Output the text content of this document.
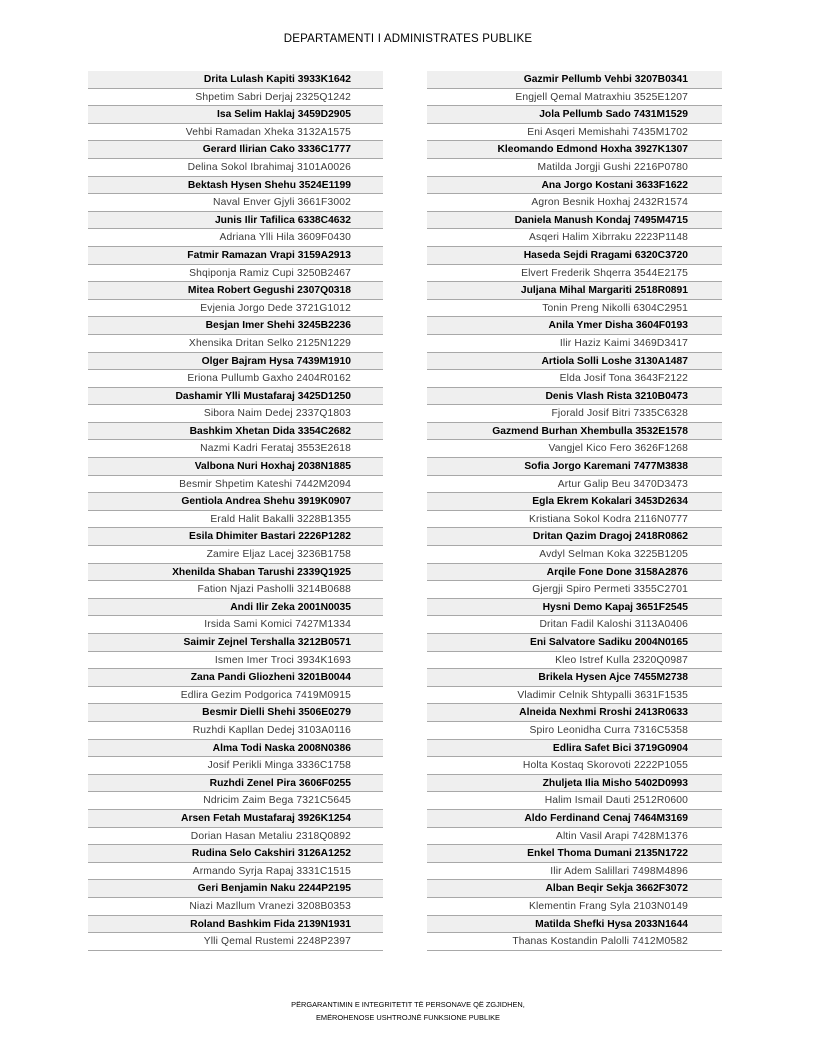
DEPARTAMENTI I ADMINISTRATES PUBLIKE
Drita Lulash Kapiti 3933K1642
Shpetim Sabri Derjaj 2325Q1242
Isa Selim Haklaj 3459D2905
Vehbi Ramadan Xheka 3132A1575
Gerard Ilirian Cako 3336C1777
Delina Sokol Ibrahimaj 3101A0026
Bektash Hysen Shehu 3524E1199
Naval Enver Gjyli 3661F3002
Junis Ilir Tafilica 6338C4632
Adriana Ylli Hila 3609F0430
Fatmir Ramazan Vrapi 3159A2913
Shqiponja Ramiz Cupi 3250B2467
Mitea Robert Gegushi 2307Q0318
Evjenia Jorgo Dede 3721G1012
Besjan Imer Shehi 3245B2236
Xhensika Dritan Selko 2125N1229
Olger Bajram Hysa 7439M1910
Eriona Pullumb Gaxho 2404R0162
Dashamir Ylli Mustafaraj 3425D1250
Sibora Naim Dedej 2337Q1803
Bashkim Xhetan Dida 3354C2682
Nazmi Kadri Ferataj 3553E2618
Valbona Nuri Hoxhaj 2038N1885
Besmir Shpetim Kateshi 7442M2094
Gentiola Andrea Shehu 3919K0907
Erald Halit Bakalli 3228B1355
Esila Dhimiter Bastari 2226P1282
Zamire Eljaz Lacej 3236B1758
Xhenilda Shaban Tarushi 2339Q1925
Fation Njazi Pasholli 3214B0688
Andi Ilir Zeka 2001N0035
Irsida Sami Komici 7427M1334
Saimir Zejnel Tershalla 3212B0571
Ismen Imer Troci 3934K1693
Zana Pandi Gliozheni 3201B0044
Edlira Gezim Podgorica 7419M0915
Besmir Dielli Shehi 3506E0279
Ruzhdi Kapllan Dedej 3103A0116
Alma Todi Naska 2008N0386
Josif Perikli Minga 3336C1758
Ruzhdi Zenel Pira 3606F0255
Ndricim Zaim Bega 7321C5645
Arsen Fetah Mustafaraj 3926K1254
Dorian Hasan Metaliu 2318Q0892
Rudina Selo Cakshiri 3126A1252
Armando Syrja Rapaj 3331C1515
Geri Benjamin Naku 2244P2195
Niazi Mazllum Vranezi 3208B0353
Roland Bashkim Fida 2139N1931
Ylli Qemal Rustemi 2248P2397
Gazmir Pellumb Vehbi 3207B0341
Engjell Qemal Matraxhiu 3525E1207
Jola Pellumb Sado 7431M1529
Eni Asqeri Memishahi 7435M1702
Kleomando Edmond Hoxha 3927K1307
Matilda Jorgji Gushi 2216P0780
Ana Jorgo Kostani 3633F1622
Agron Besnik Hoxhaj 2432R1574
Daniela Manush Kondaj 7495M4715
Asqeri Halim Xibrraku 2223P1148
Haseda Sejdi Rragami 6320C3720
Elvert Frederik Shqerra 3544E2175
Juljana Mihal Margariti 2518R0891
Tonin Preng Nikolli 6304C2951
Anila Ymer Disha 3604F0193
Ilir Haziz Kaimi 3469D3417
Artiola Solli Loshe 3130A1487
Elda Josif Tona 3643F2122
Denis Vlash Rista 3210B0473
Fjorald Josif Bitri 7335C6328
Gazmend Burhan Xhembulla 3532E1578
Vangjel Kico Fero 3626F1268
Sofia Jorgo Karemani 7477M3838
Artur Galip Beu 3470D3473
Egla Ekrem Kokalari 3453D2634
Kristiana Sokol Kodra 2116N0777
Dritan Qazim Dragoj 2418R0862
Avdyl Selman Koka 3225B1205
Arqile Fone Done 3158A2876
Gjergji Spiro Permeti 3355C2701
Hysni Demo Kapaj 3651F2545
Dritan Fadil Kaloshi 3113A0406
Eni Salvatore Sadiku 2004N0165
Kleo Istref Kulla 2320Q0987
Brikela Hysen Ajce 7455M2738
Vladimir Celnik Shtypalli 3631F1535
Alneida Nexhmi Rroshi 2413R0633
Spiro Leonidha Curra 7316C5358
Edlira Safet Bici 3719G0904
Holta Kostaq Skorovoti 2222P1055
Zhuljeta Ilia Misho 5402D0993
Halim Ismail Dauti 2512R0600
Aldo Ferdinand Cenaj 7464M3169
Altin Vasil Arapi 7428M1376
Enkel Thoma Dumani 2135N1722
Ilir Adem Salillari 7498M4896
Alban Beqir Sekja 3662F3072
Klementin Frang Syla 2103N0149
Matilda Shefki Hysa 2033N1644
Thanas Kostandin Palolli 7412M0582
PËRGARANTIMIN E INTEGRITETIT TË PERSONAVE QË ZGJIDHEN,
EMËROHENOSE USHTROJNË FUNKSIONE PUBLIKE
